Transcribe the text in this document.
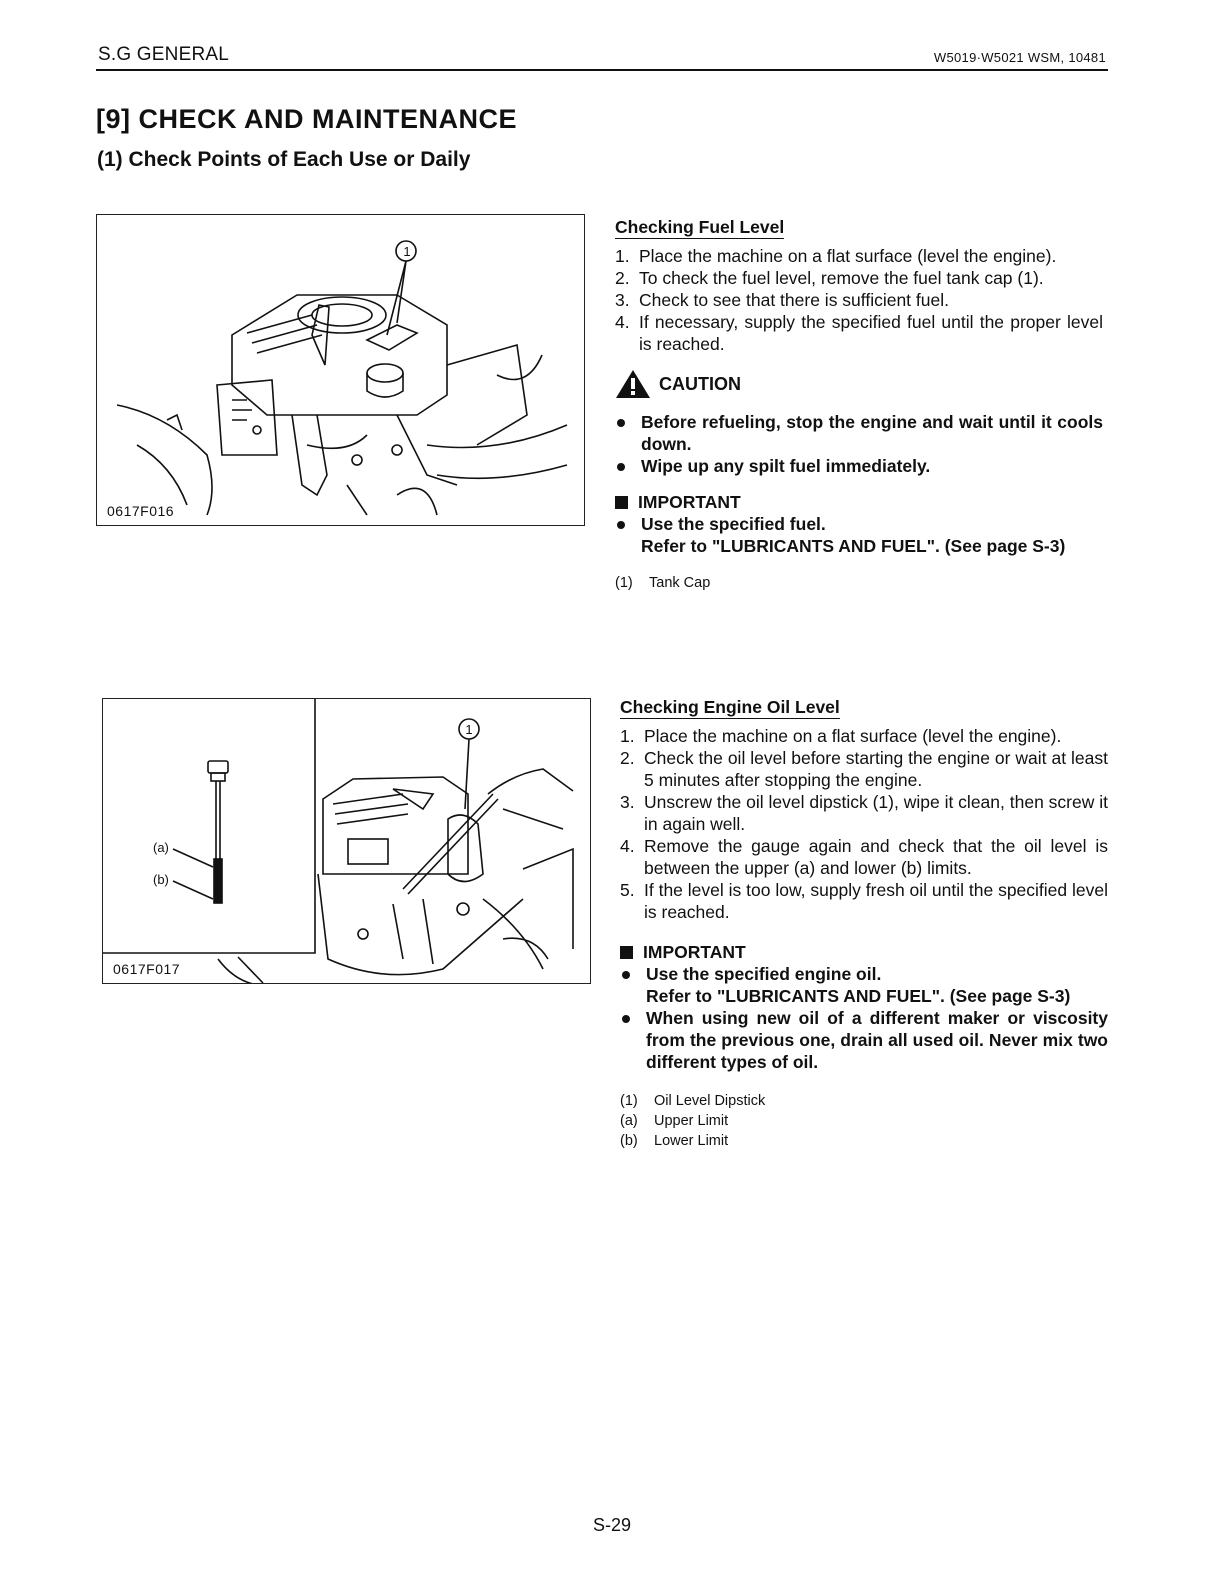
S.G GENERAL	W5019·W5021 WSM, 10481
[9] CHECK AND MAINTENANCE
(1) Check Points of Each Use or Daily
1
0617F016
Checking Fuel Level
1. Place the machine on a flat surface (level the engine).
2. To check the fuel level, remove the fuel tank cap (1).
3. Check to see that there is sufficient fuel.
4. If necessary, supply the specified fuel until the proper level is reached.
CAUTION
Before refueling, stop the engine and wait until it cools down.
Wipe up any spilt fuel immediately.
IMPORTANT
Use the specified fuel.
Refer to "LUBRICANTS AND FUEL". (See page S-3)
(1)	Tank Cap
1
(a)
(b)
0617F017
Checking Engine Oil Level
1. Place the machine on a flat surface (level the engine).
2. Check the oil level before starting the engine or wait at least 5 minutes after stopping the engine.
3. Unscrew the oil level dipstick (1), wipe it clean, then screw it in again well.
4. Remove the gauge again and check that the oil level is between the upper (a) and lower (b) limits.
5. If the level is too low, supply fresh oil until the specified level is reached.
IMPORTANT
Use the specified engine oil.
Refer to "LUBRICANTS AND FUEL". (See page S-3)
When using new oil of a different maker or viscosity from the previous one, drain all used oil. Never mix two different types of oil.
(1)	Oil Level Dipstick
(a)	Upper Limit
(b)	Lower Limit
S-29
